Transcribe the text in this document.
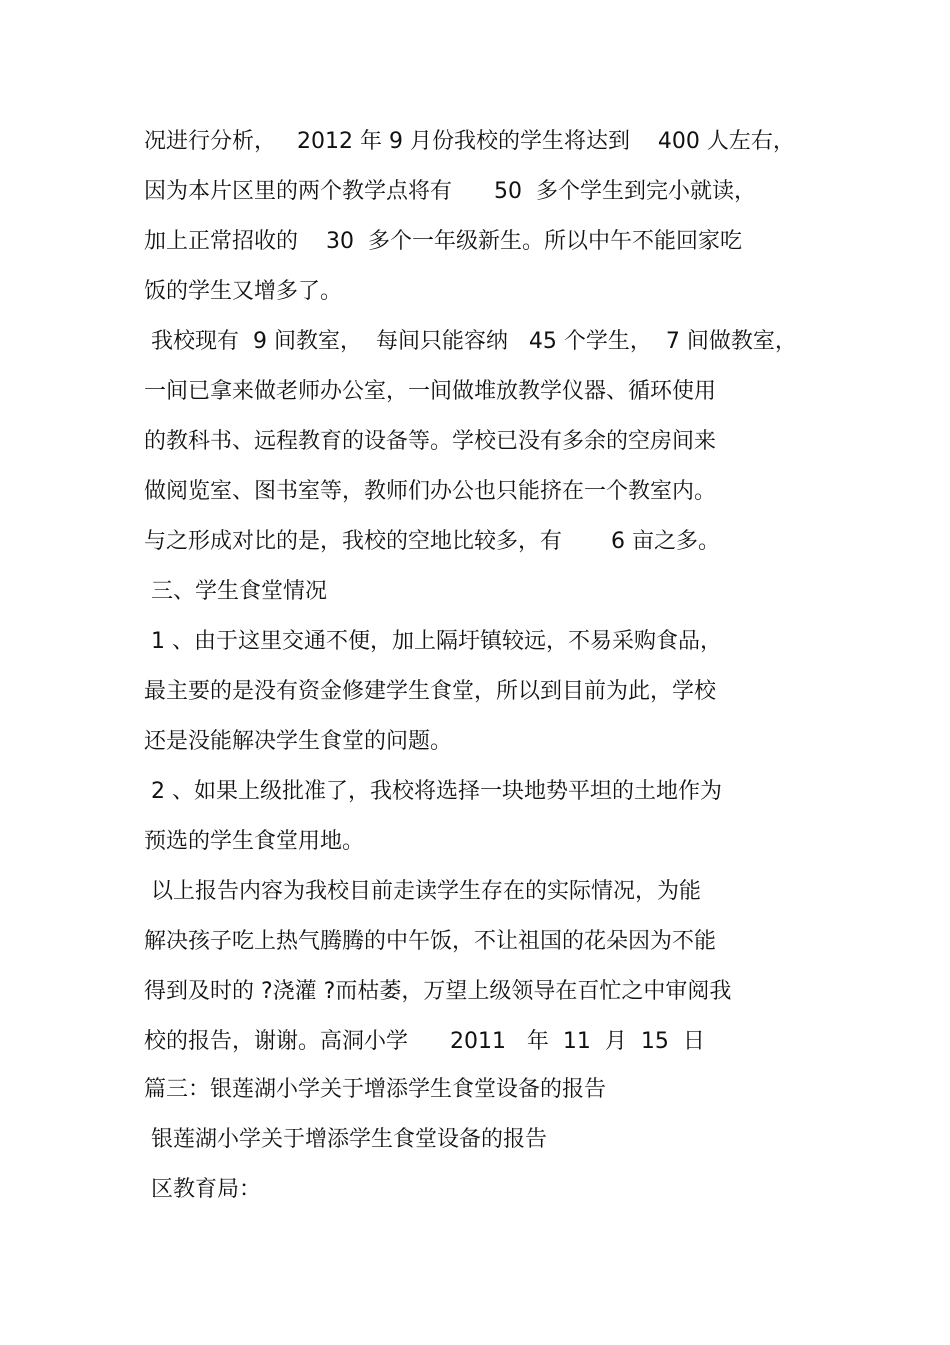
况进行分析，   2012 年 9 月份我校的学生将达到    400 人左右，
因为本片区里的两个教学点将有      50  多个学生到完小就读，
加上正常招收的    30  多个一年级新生。所以中午不能回家吃
饭的学生又增多了。
我校现有  9 间教室，  每间只能容纳   45 个学生，  7 间做教室，
一间已拿来做老师办公室，一间做堆放教学仪器、循环使用
的教科书、远程教育的设备等。学校已没有多余的空房间来
做阅览室、图书室等，教师们办公也只能挤在一个教室内。
与之形成对比的是，我校的空地比较多，有       6 亩之多。
三、学生食堂情况
1 、由于这里交通不便，加上隔圩镇较远，不易采购食品，
最主要的是没有资金修建学生食堂，所以到目前为此，学校
还是没能解决学生食堂的问题。
2 、如果上级批准了，我校将选择一块地势平坦的土地作为
预选的学生食堂用地。
以上报告内容为我校目前走读学生存在的实际情况，为能
解决孩子吃上热气腾腾的中午饭，不让祖国的花朵因为不能
得到及时的 ?浇灌 ?而枯萎，万望上级领导在百忙之中审阅我
校的报告，谢谢。高洞小学      2011   年  11  月  15  日
篇三：银莲湖小学关于增添学生食堂设备的报告
银莲湖小学关于增添学生食堂设备的报告
区教育局：
